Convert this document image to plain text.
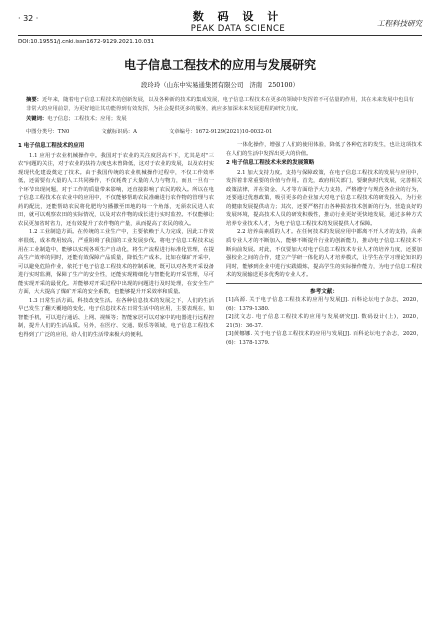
· 32 ·	数 码 设 计
PEAK DATA SCIENCE
工程科技研究
DOI:10.19551/j.cnki.issn1672-9129.2021.10.031
电子信息工程技术的应用与发展研究
段玲玲（山东中实易通集团有限公司 济南 250100）
摘要：近年来，随着电子信息工程技术的创新发展，以及各种新的技术的集成发展，电子信息工程技术在更多的领域中发挥着不可估量的作用，其在未来发展中也具有非常大的应用前景，为更好地让其功能得到有效发挥，为社会提供更多的服务，就应多加深未来发展进程的研究力度。
关键词：电子信息；工程技术；应用；发展
中图分类号：TN0	文献标识码：A	文章编号：1672-9129(2021)10-0032-01
1 电子信息工程技术的应用
1.1 应用于农业机械操作中。我国对于农业的关注度居高不下，尤其是对"三农"问题的关注，对于农业的扶持力度也未曾降低，这对于农业的发展，以及农村实现现代化建设奠定了技术。由于我国传统的农业机械操作过程中，不仅工作效率低，还需要有大量的人工共同操作，不仅耗费了大量的人力与物力，而且一旦有一个环节出现问题，对于工作的质量带来影响，还直接影响了农民的收入。所以在电子信息工程技术在农业中的应用中，不仅能够帮助农民准确进行农作物的管理与农药的配比，还能帮助农民将化肥均匀播撒至田地的每一个角落，无须农民进人农田，就可以观察农田的实际情况，以及对农作物的成长进行实时监控。不仅能够让农民更加省时省力，还有效提升了农作物的产量，从而提高了农民的收入。
1.2 工业制造方面。在传统的工业生产中，主要依赖于人力完成，因此工作效率很低，成本费用较高，严重阻碍了我国的工业发展步伐。将电子信息工程技术运用在工业制造中，能够以实现各项生产自动化，将生产流程进行标准化管理，在提高生产效率的同时，还能有效保障产品质量，降低生产成本。比如在煤矿开采中，可以避免危险作业，依托于电子信息工程技术的控制系统，既可以对各类开采设备进行实时监测，保障了生产的安全性，还能实现精细化与智能化的开采管理，尽可能实现开采的最优化。并能够对开采过程中出现的问题进行及时处理，在安全生产方面，大大提高了煤矿开采的安全系数，也能够提升开采效率和质量。
1.3 日常生活方面。科技改变生活。在各种信息技术的发展之下，人们的生活早已发生了翻天覆地的变化，电子信息技术在日常生活中的应用，主要表现在，如智能手机，可以进行通话、上网、视频等；智能家居可以对家中的电器进行远程控制，提升人们的生活品质。另外，在医疗、交通、娱乐等领域，电子信息工程技术也得到了广泛的应用，给人们的生活带来极大的便利。
一体化操作，增强了人们的使用体验，降低了各种危害的发生，也让这项技术在人们的生活中发挥出更大的价值。
2 电子信息工程技术未来的发展策略
2.1 加大支持力度。支持与保障政策，在电子信息工程技术的发展与应用中，发挥着非常重要的价值与作用。首先，政府相关部门，要聚焦时代发展，完善相关政策法律，并在资金、人才等方面给予大力支持，严格遵守与规范各企业的行为，还要通过优惠政策，吸引更多的企业加大对电子信息工程技术的研发投入，为行业的健康发展提供动力；其次，还要严格打击各种损害技术创新的行为，营造良好的发展环境，提高技术人员的研发积极性，推动行业更好更快地发展，通过多种方式培养专业技术人才，为电子信息工程技术的发展提供人才保障。
2.2 培养高素质的人才。在任何技术的发展应用中都离不开人才的支持，高素质专业人才的不断加入，能够不断提升行业的创新能力，推动电子信息工程技术不断向前发展。对此，不仅要加大对电子信息工程技术专业人才的培养力度，还要加强校企之间的合作，建立产学研一体化的人才培养模式，让学生在学习理论知识的同时，能够到企业中进行实践锻炼，提高学生的实际操作能力，为电子信息工程技术的发展输送更多优秀的专业人才。
参考文献：
[1]高源. 关于电子信息工程技术的应用与发展[J]. 百科论坛电子杂志，2020，(6)：1379-1380.
[2]沈文志. 电子信息工程技术的应用与发展研究[J]. 数码设计(上)，2020，21(5)：36-37.
[3]黄娜娜. 关于电子信息工程技术的应用与发展[J]. 百科论坛电子杂志，2020，(6)：1378-1379.
